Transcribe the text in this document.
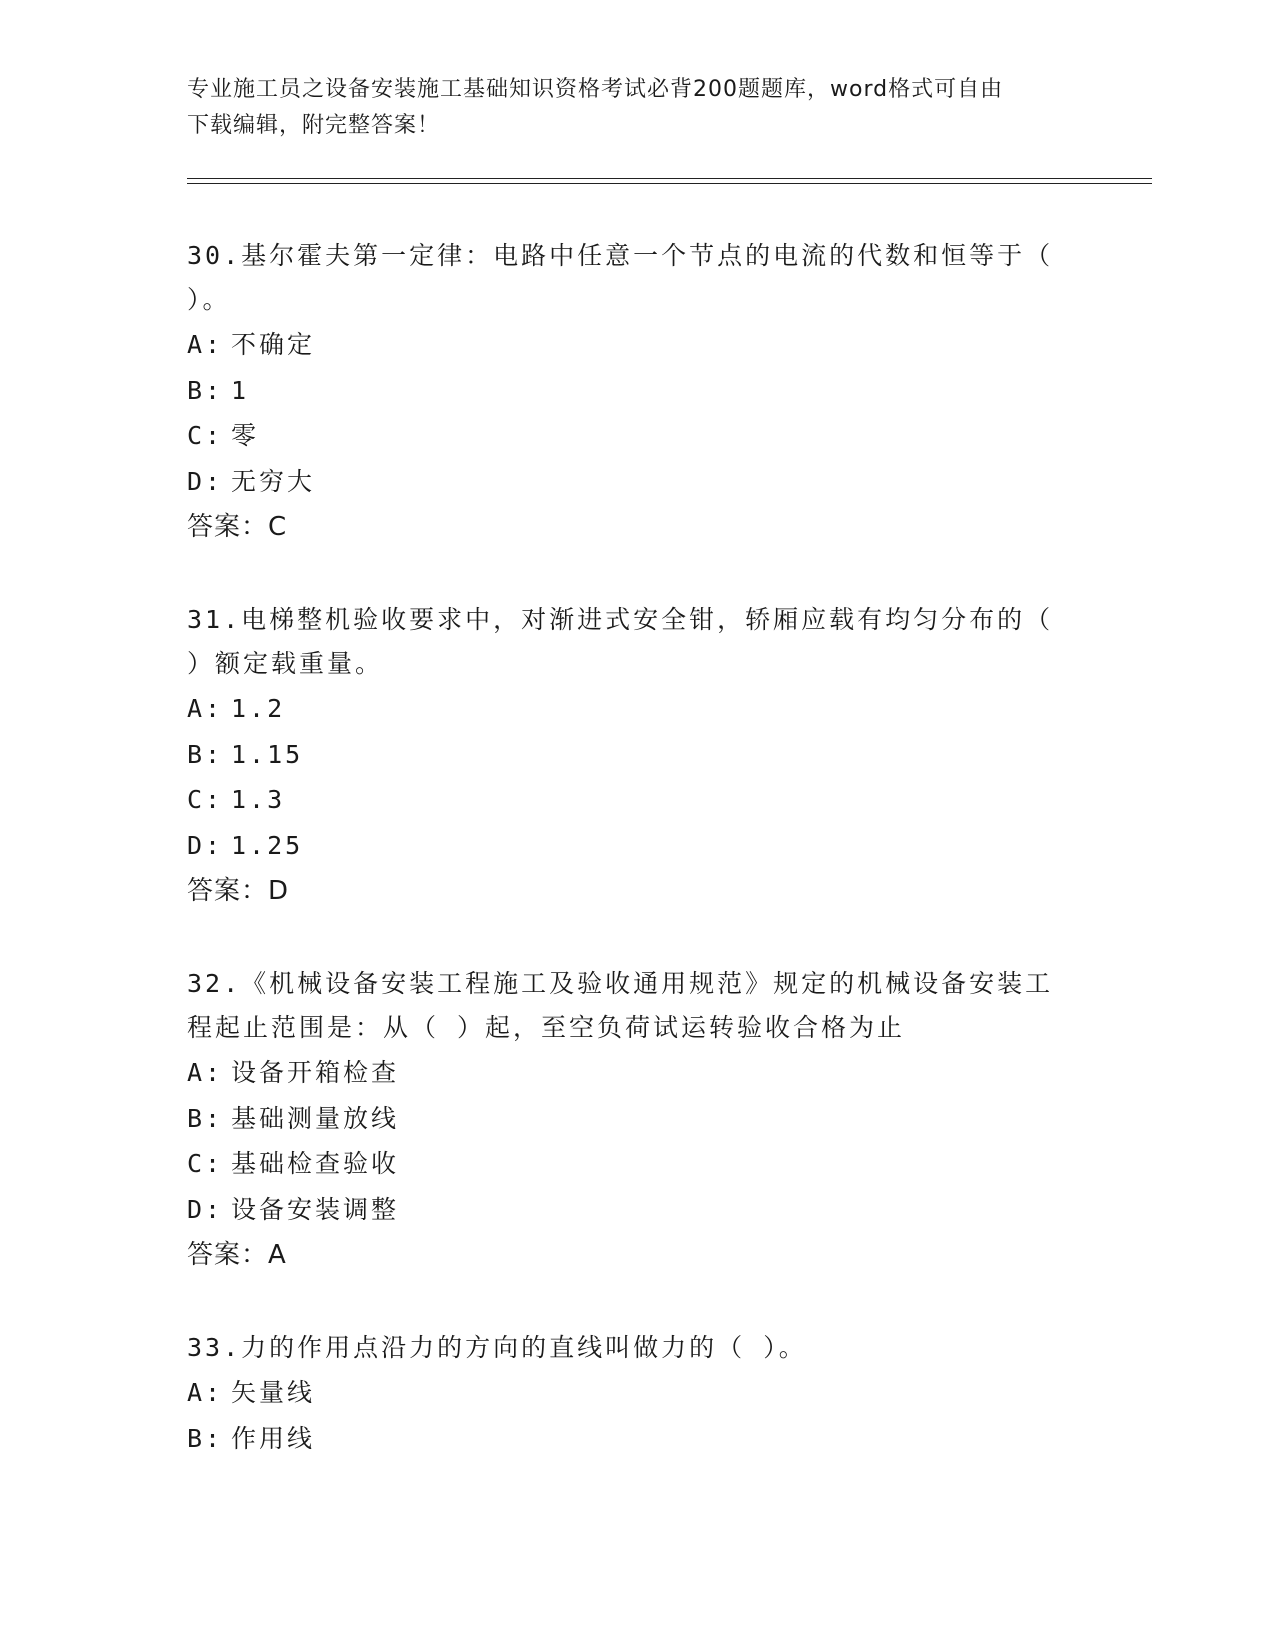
专业施工员之设备安装施工基础知识资格考试必背200题题库，word格式可自由

下载编辑，附完整答案！

30.基尔霍夫第一定律：电路中任意一个节点的电流的代数和恒等于（
）。

A: 不确定

B: 1

C: 零

D: 无穷大

答案：C

31.电梯整机验收要求中，对渐进式安全钳，轿厢应载有均匀分布的（
）额定载重量。

A: 1.2

B: 1.15

C: 1.3

D: 1.25

答案：D

32.《机械设备安装工程施工及验收通用规范》规定的机械设备安装工
程起止范围是：从（ ）起，至空负荷试运转验收合格为止

A: 设备开箱检查

B: 基础测量放线

C: 基础检查验收

D: 设备安装调整

答案：A

33.力的作用点沿力的方向的直线叫做力的（ ）。

A: 矢量线

B: 作用线
